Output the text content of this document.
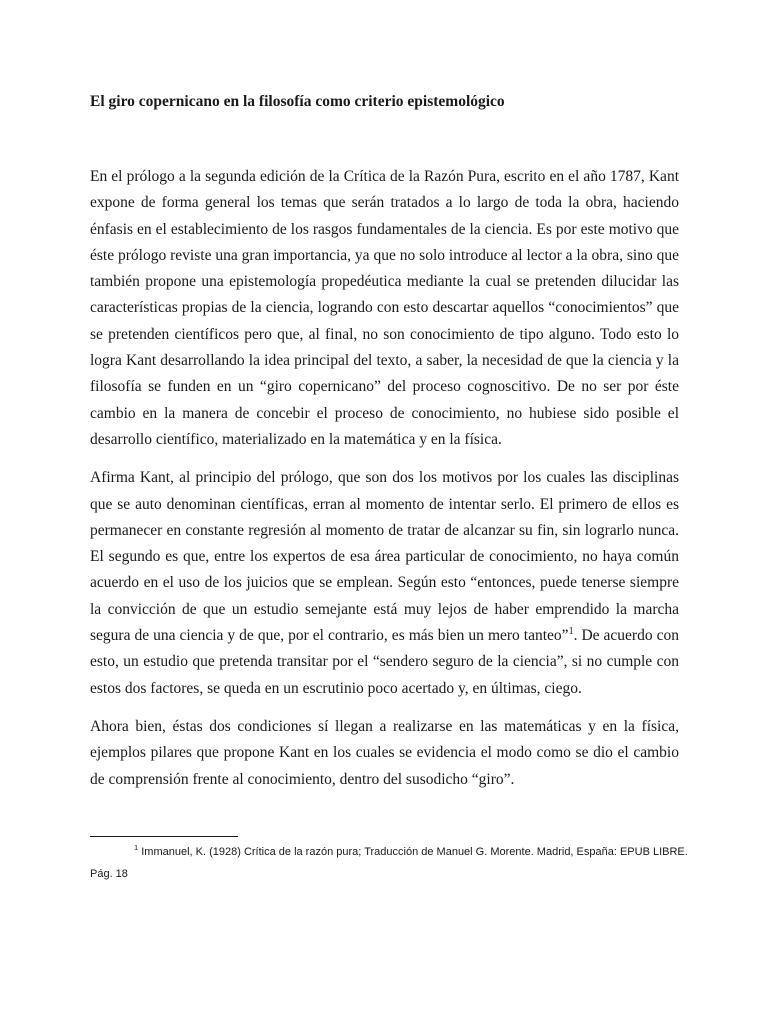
El giro copernicano en la filosofía como criterio epistemológico

En el prólogo a la segunda edición de la Crítica de la Razón Pura, escrito en el año 1787, Kant expone de forma general los temas que serán tratados a lo largo de toda la obra, haciendo énfasis en el establecimiento de los rasgos fundamentales de la ciencia. Es por este motivo que éste prólogo reviste una gran importancia, ya que no solo introduce al lector a la obra, sino que también propone una epistemología propedéutica mediante la cual se pretenden dilucidar las características propias de la ciencia, logrando con esto descartar aquellos “conocimientos” que se pretenden científicos pero que, al final, no son conocimiento de tipo alguno. Todo esto lo logra Kant desarrollando la idea principal del texto, a saber, la necesidad de que la ciencia y la filosofía se funden en un “giro copernicano” del proceso cognoscitivo. De no ser por éste cambio en la manera de concebir el proceso de conocimiento, no hubiese sido posible el desarrollo científico, materializado en la matemática y en la física.

Afirma Kant, al principio del prólogo, que son dos los motivos por los cuales las disciplinas que se auto denominan científicas, erran al momento de intentar serlo. El primero de ellos es permanecer en constante regresión al momento de tratar de alcanzar su fin, sin lograrlo nunca. El segundo es que, entre los expertos de esa área particular de conocimiento, no haya común acuerdo en el uso de los juicios que se emplean. Según esto “entonces, puede tenerse siempre la convicción de que un estudio semejante está muy lejos de haber emprendido la marcha segura de una ciencia y de que, por el contrario, es más bien un mero tanteo”$^1$. De acuerdo con esto, un estudio que pretenda transitar por el “sendero seguro de la ciencia”, si no cumple con estos dos factores, se queda en un escrutinio poco acertado y, en últimas, ciego.

Ahora bien, éstas dos condiciones sí llegan a realizarse en las matemáticas y en la física, ejemplos pilares que propone Kant en los cuales se evidencia el modo como se dio el cambio de comprensión frente al conocimiento, dentro del susodicho “giro”.

$^1$ Immanuel, K. (1928) Crítica de la razón pura; Traducción de Manuel G. Morente. Madrid, España: EPUB LIBRE. Pág. 18
